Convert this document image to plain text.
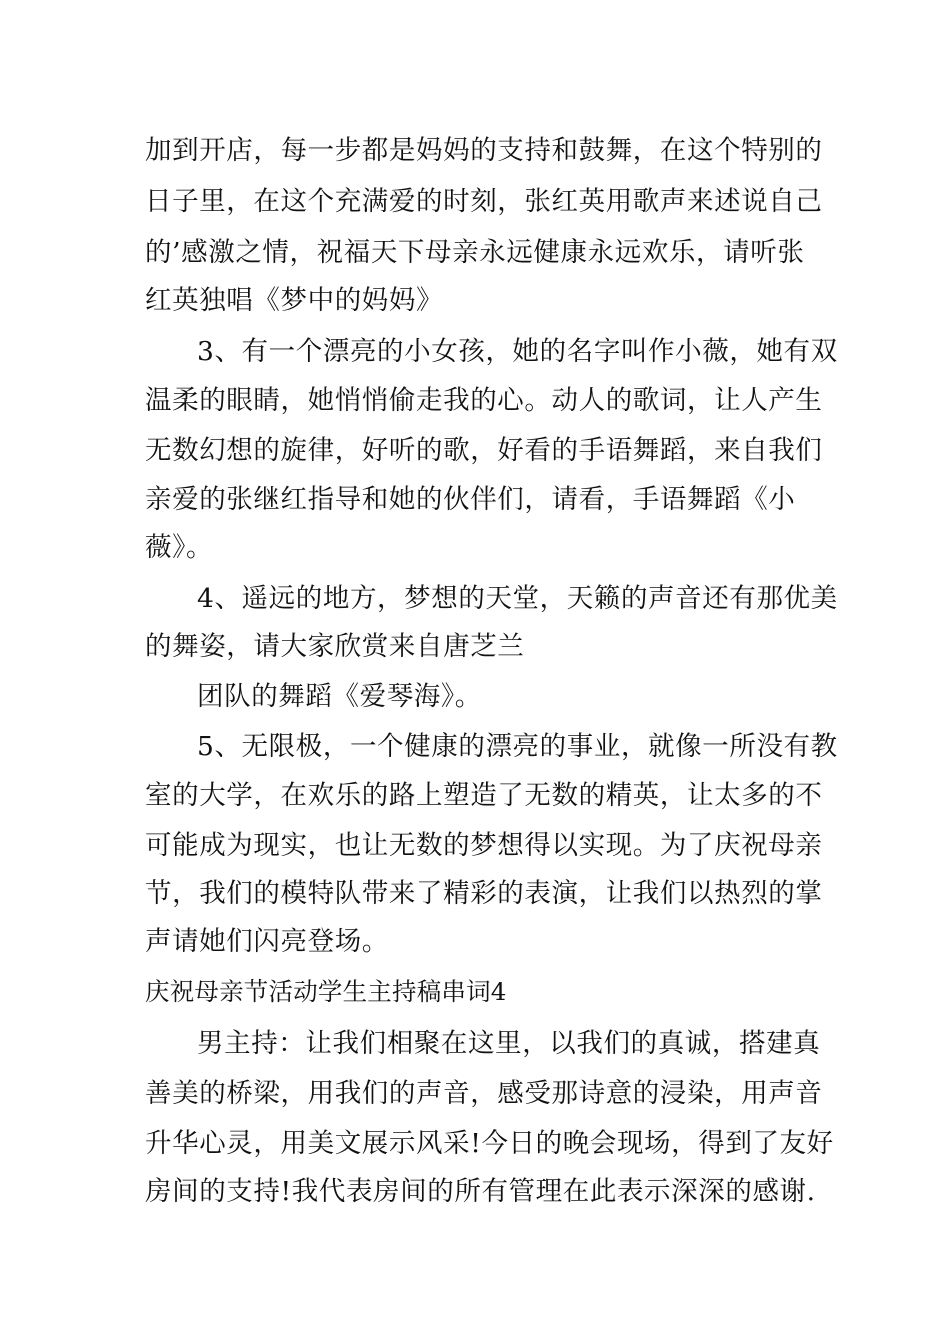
加到开店，每一步都是妈妈的支持和鼓舞，在这个特别的
日子里，在这个充满爱的时刻，张红英用歌声来述说自己
的’感激之情，祝福天下母亲永远健康永远欢乐，请听张
红英独唱《梦中的妈妈》
3、有一个漂亮的小女孩，她的名字叫作小薇，她有双
温柔的眼睛，她悄悄偷走我的心。动人的歌词，让人产生
无数幻想的旋律，好听的歌，好看的手语舞蹈，来自我们
亲爱的张继红指导和她的伙伴们，请看，手语舞蹈《小
薇》。
4、遥远的地方，梦想的天堂，天籁的声音还有那优美
的舞姿，请大家欣赏来自唐芝兰
团队的舞蹈《爱琴海》。
5、无限极，一个健康的漂亮的事业，就像一所没有教
室的大学，在欢乐的路上塑造了无数的精英，让太多的不
可能成为现实，也让无数的梦想得以实现。为了庆祝母亲
节，我们的模特队带来了精彩的表演，让我们以热烈的掌
声请她们闪亮登场。
庆祝母亲节活动学生主持稿串词4
男主持：让我们相聚在这里，以我们的真诚，搭建真
善美的桥梁，用我们的声音，感受那诗意的浸染，用声音
升华心灵，用美文展示风采!今日的晚会现场，得到了友好
房间的支持!我代表房间的所有管理在此表示深深的感谢.
